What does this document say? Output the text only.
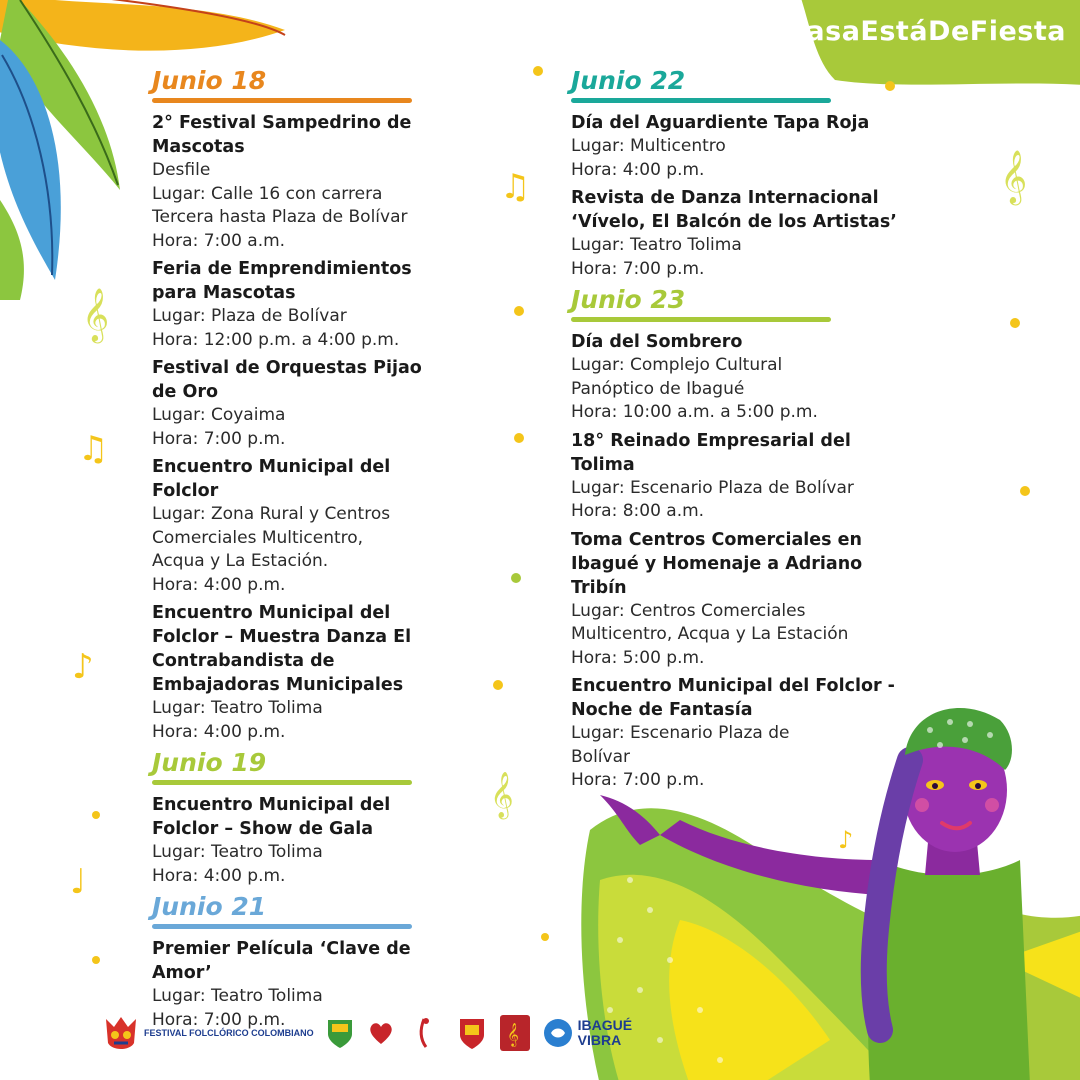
♫
♫
♪
♩
♪
𝄞
𝄞
𝄞
#MiCasaEstáDeFiesta
Junio 18
2° Festival Sampedrino de Mascotas
Desfile
Lugar: Calle 16 con carrera
Tercera hasta Plaza de Bolívar
Hora: 7:00 a.m.
Feria de Emprendimientos para Mascotas
Lugar: Plaza de Bolívar
Hora: 12:00 p.m. a 4:00 p.m.
Festival de Orquestas Pijao de Oro
Lugar: Coyaima
Hora: 7:00 p.m.
Encuentro Municipal del Folclor
Lugar: Zona Rural y Centros
Comerciales Multicentro,
Acqua y La Estación.
Hora: 4:00 p.m.
Encuentro Municipal del Folclor – Muestra Danza El Contrabandista de Embajadoras Municipales
Lugar: Teatro Tolima
Hora: 4:00 p.m.
Junio 19
Encuentro Municipal del Folclor – Show de Gala
Lugar: Teatro Tolima
Hora: 4:00 p.m.
Junio 21
Premier Película ‘Clave de Amor’
Lugar: Teatro Tolima
Hora: 7:00 p.m.
Junio 22
Día del Aguardiente Tapa Roja
Lugar: Multicentro
Hora: 4:00 p.m.
Revista de Danza Internacional ‘Vívelo, El Balcón de los Artistas’
Lugar: Teatro Tolima
Hora: 7:00 p.m.
Junio 23
Día del Sombrero
Lugar: Complejo Cultural
Panóptico de Ibagué
Hora: 10:00 a.m. a 5:00 p.m.
18° Reinado Empresarial del Tolima
Lugar: Escenario Plaza de Bolívar
Hora: 8:00 a.m.
Toma Centros Comerciales en Ibagué y Homenaje a Adriano Tribín
Lugar: Centros Comerciales
Multicentro, Acqua y La Estación
Hora: 5:00 p.m.
Encuentro Municipal del Folclor - Noche de Fantasía
Lugar: Escenario Plaza de
Bolívar
Hora: 7:00 p.m.
FESTIVAL FOLCLÓRICO COLOMBIANO	𝄞	IBAGUÉ VIBRA
